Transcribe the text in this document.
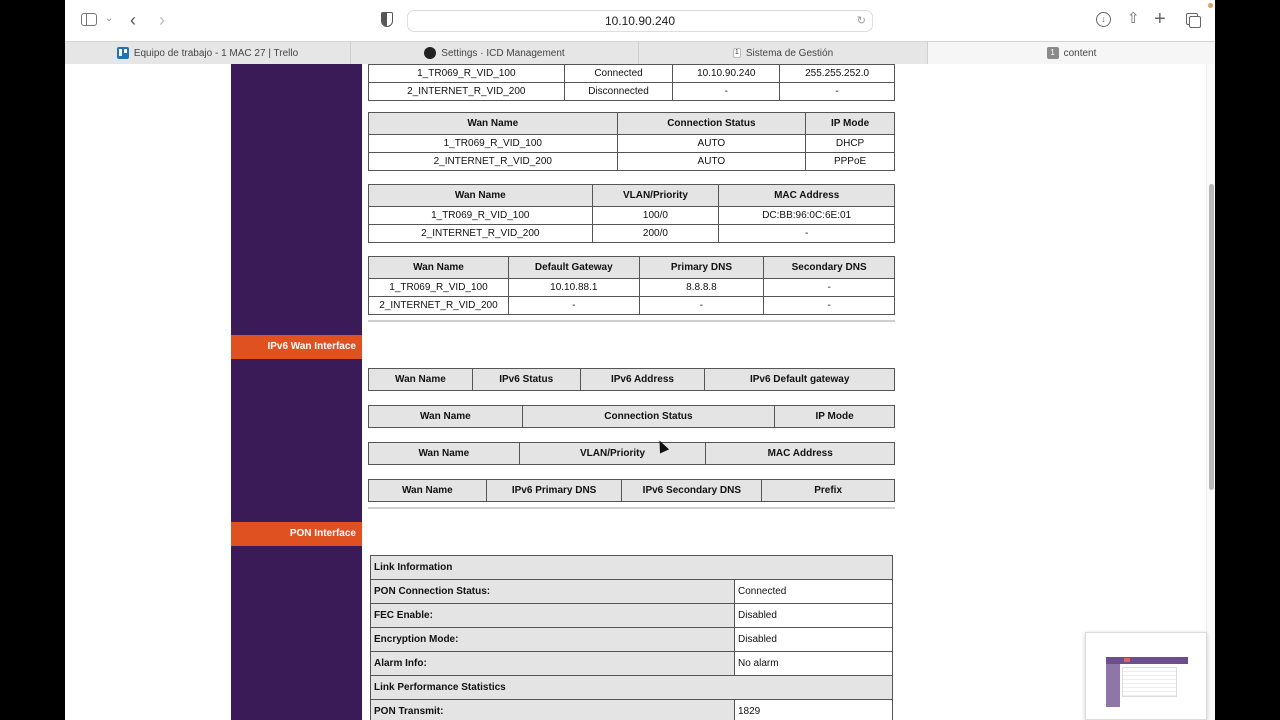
⌄ ‹ ›	10.10.90.240	↻	↓	⇧ +
Equipo de trabajo - 1 MAC 27 | Trello	Settings · ICD Management	1 Sistema de Gestión	1 content
IPv6 Wan Interface
PON Interface
1_TR069_R_VID_100	Connected	10.10.90.240	255.255.252.0
2_INTERNET_R_VID_200	Disconnected	-	-
Wan Name	Connection Status	IP Mode
1_TR069_R_VID_100	AUTO	DHCP
2_INTERNET_R_VID_200	AUTO	PPPoE
Wan Name	VLAN/Priority	MAC Address
1_TR069_R_VID_100	100/0	DC:BB:96:0C:6E:01
2_INTERNET_R_VID_200	200/0	-
Wan Name	Default Gateway	Primary DNS	Secondary DNS
1_TR069_R_VID_100	10.10.88.1	8.8.8.8	-
2_INTERNET_R_VID_200	-	-	-
Wan Name	IPv6 Status	IPv6 Address	IPv6 Default gateway
Wan Name	Connection Status	IP Mode
Wan Name	VLAN/Priority	MAC Address
Wan Name	IPv6 Primary DNS	IPv6 Secondary DNS	Prefix
Link Information	
PON Connection Status:	Connected
FEC Enable:	Disabled
Encryption Mode:	Disabled
Alarm Info:	No alarm
Link Performance Statistics	
PON Transmit:	1829
